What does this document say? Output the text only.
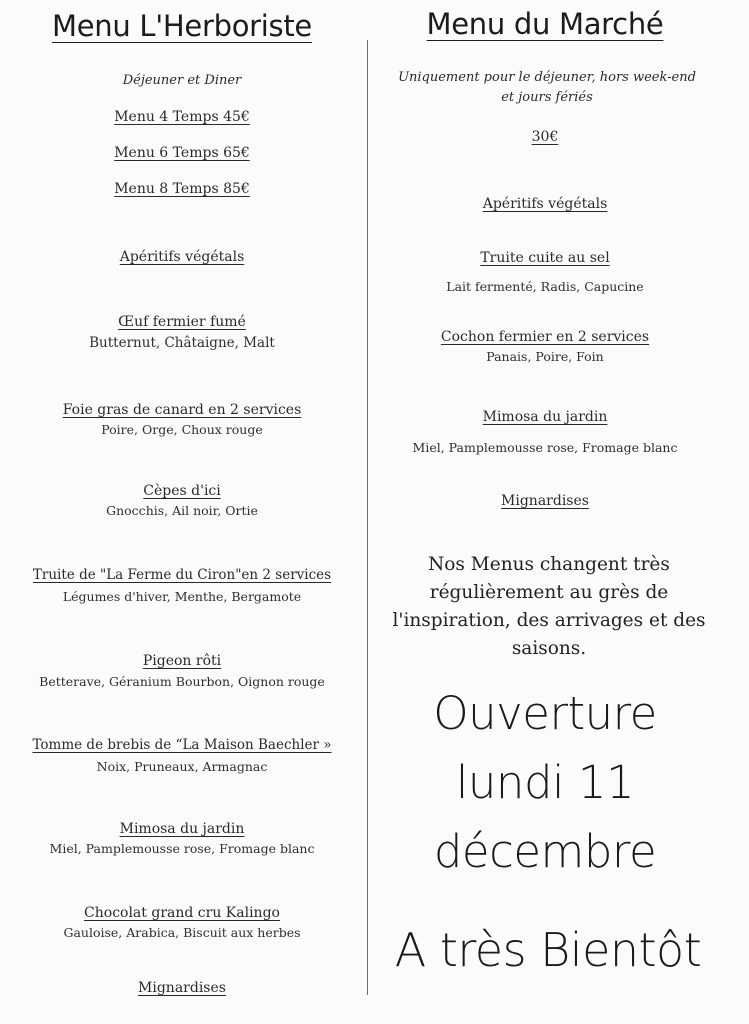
Menu L'Herboriste
Déjeuner et Diner
Menu 4 Temps 45€
Menu 6 Temps 65€
Menu 8 Temps 85€
Apéritifs végétals
Œuf fermier fumé
Butternut, Châtaigne, Malt
Foie gras de canard en 2 services
Poire, Orge, Choux rouge
Cèpes d'ici
Gnocchis, Ail noir, Ortie
Truite de "La Ferme du Ciron"en 2 services
Légumes d'hiver, Menthe, Bergamote
Pigeon rôti
Betterave, Géranium Bourbon, Oignon rouge
Tomme de brebis de “La Maison Baechler »
Noix, Pruneaux, Armagnac
Mimosa du jardin
Miel, Pamplemousse rose, Fromage blanc
Chocolat grand cru Kalingo
Gauloise, Arabica, Biscuit aux herbes
Mignardises
Menu du Marché
Uniquement pour le déjeuner, hors week-end et jours fériés
30€
Apéritifs végétals
Truite cuite au sel
Lait fermenté, Radis, Capucine
Cochon fermier en 2 services
Panais, Poire, Foin
Mimosa du jardin
Miel, Pamplemousse rose, Fromage blanc
Mignardises
Nos Menus changent très régulièrement au grès de l'inspiration, des arrivages et des saisons.
Ouverture
lundi 11
décembre
A très Bientôt
